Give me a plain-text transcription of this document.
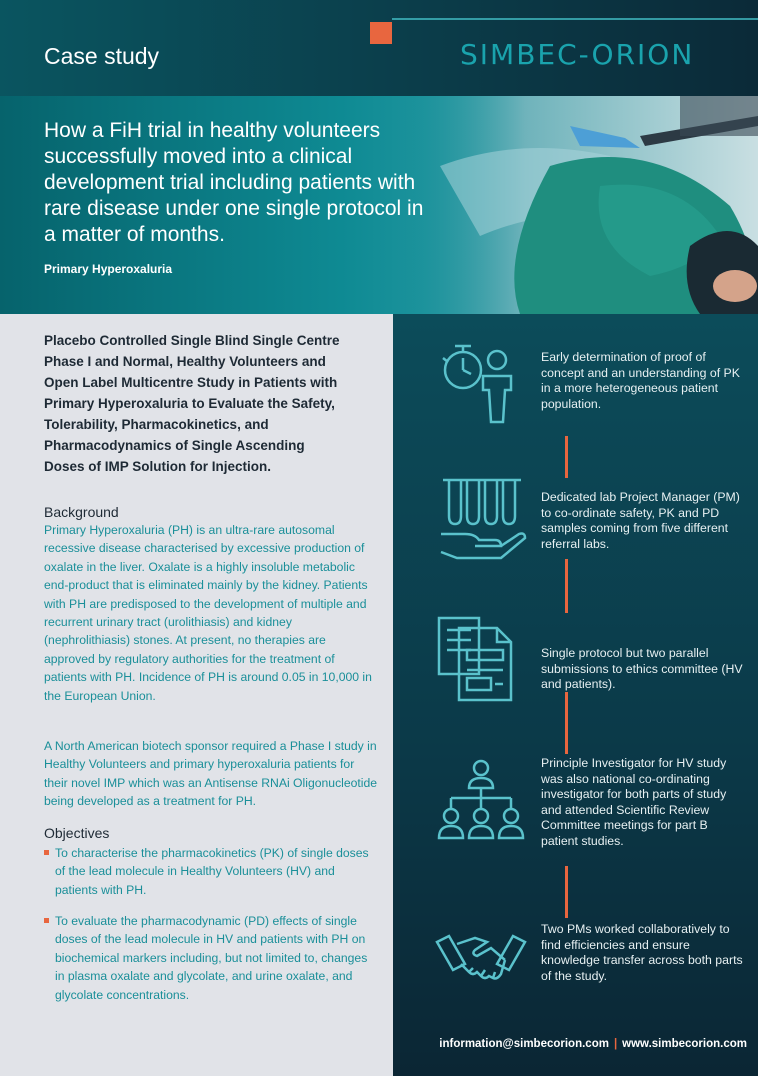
Case study	SIMBEC-ORION
How a FiH trial in healthy volunteers successfully moved into a clinical development trial including patients with rare disease under one single protocol in a matter of months.
Primary Hyperoxaluria
Placebo Controlled Single Blind Single Centre Phase I and Normal, Healthy Volunteers and Open Label Multicentre Study in Patients with Primary Hyperoxaluria to Evaluate the Safety, Tolerability, Pharmacokinetics, and Pharmacodynamics of Single Ascending Doses of IMP Solution for Injection.
Background
Primary Hyperoxaluria (PH) is an ultra-rare autosomal recessive disease characterised by excessive production of oxalate in the liver. Oxalate is a highly insoluble metabolic end-product that is eliminated mainly by the kidney. Patients with PH are predisposed to the development of multiple and recurrent urinary tract (urolithiasis) and kidney (nephrolithiasis) stones. At present, no therapies are approved by regulatory authorities for the treatment of patients with PH. Incidence of PH is around 0.05 in 10,000 in the European Union.
A North American biotech sponsor required a Phase I study in Healthy Volunteers and primary hyperoxaluria patients for their novel IMP which was an Antisense RNAi Oligonucleotide being developed as a treatment for PH.
Objectives
To characterise the pharmacokinetics (PK) of single doses of the lead molecule in Healthy Volunteers (HV) and patients with PH.
To evaluate the pharmacodynamic (PD) effects of single doses of the lead molecule in HV and patients with PH on biochemical markers including, but not limited to, changes in plasma oxalate and glycolate, and urine oxalate, and glycolate concentrations.
Early determination of proof of concept and an understanding of PK in a more heterogeneous patient population.
Dedicated lab Project Manager (PM) to co-ordinate safety, PK and PD samples coming from five different referral labs.
Single protocol but two parallel submissions to ethics committee (HV and patients).
Principle Investigator for HV study was also national co-ordinating investigator for both parts of study and attended Scientific Review Committee meetings for part B patient studies.
Two PMs worked collaboratively to find efficiencies and ensure knowledge transfer across both parts of the study.
information@simbecorion.com | www.simbecorion.com
